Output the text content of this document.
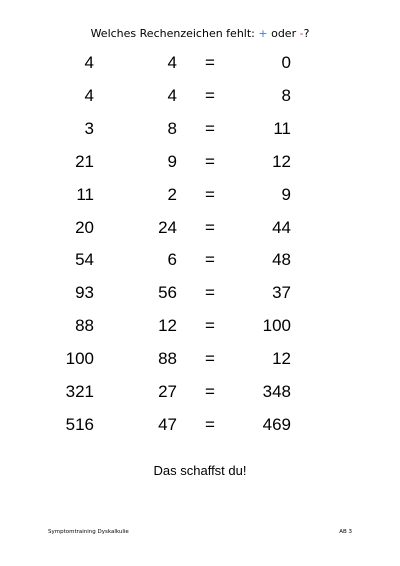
Welches Rechenzeichen fehlt: + oder -?
4	4 =	0
4	4 =	8
3	8 =	11
21	9 =	12
11	2 =	9
20	24 =	44
54	6 =	48
93	56 =	37
88	12 =	100
100	88 =	12
321	27 =	348
516	47 =	469
Das schaffst du!
Symptomtraining Dyskalkulie	AB 3
